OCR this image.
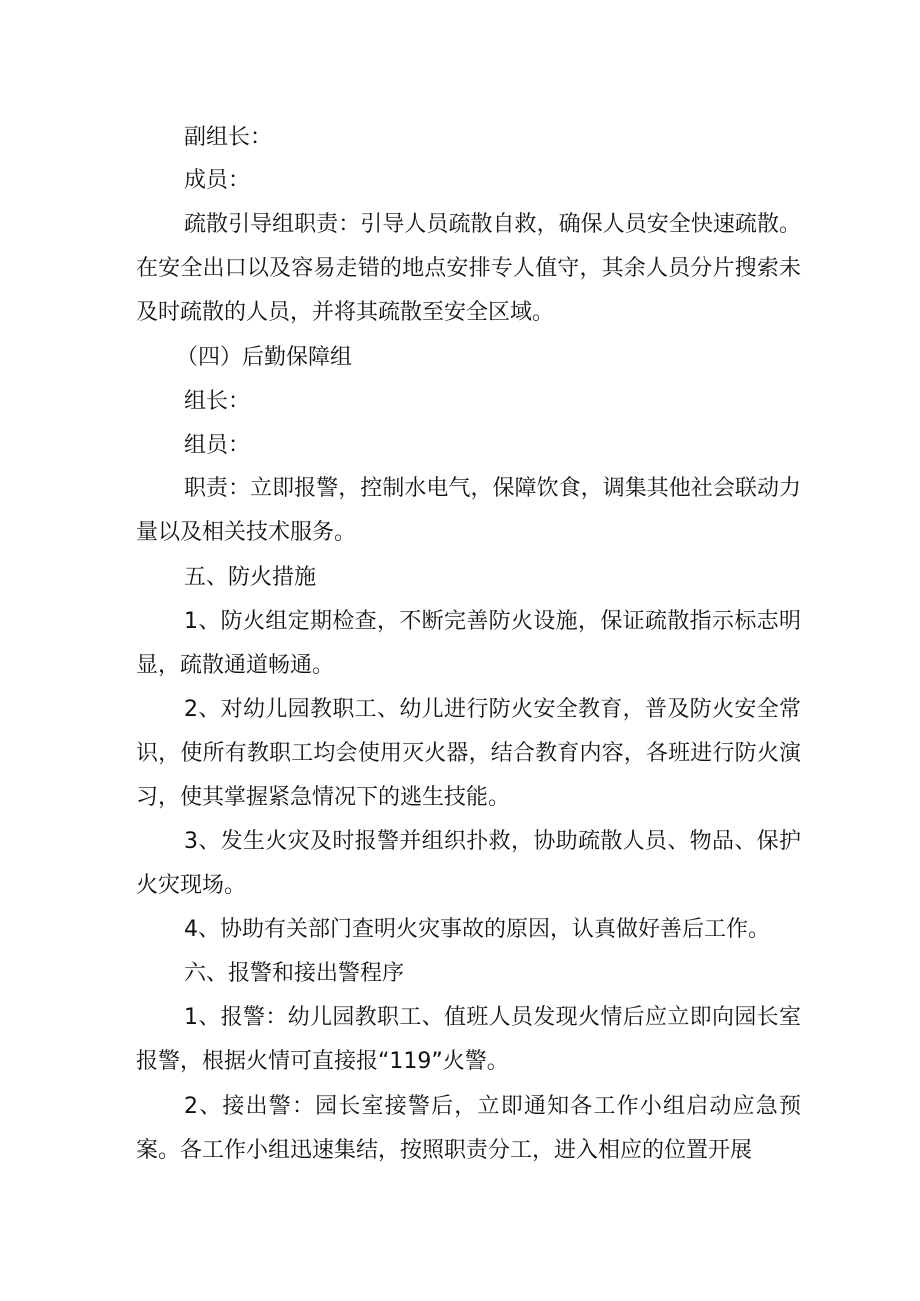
副组长：

成员：

疏散引导组职责：引导人员疏散自救，确保人员安全快速疏散。在安全出口以及容易走错的地点安排专人值守，其余人员分片搜索未及时疏散的人员，并将其疏散至安全区域。

（四）后勤保障组

组长：

组员：

职责：立即报警，控制水电气，保障饮食，调集其他社会联动力量以及相关技术服务。

五、防火措施

1、防火组定期检查，不断完善防火设施，保证疏散指示标志明显，疏散通道畅通。

2、对幼儿园教职工、幼儿进行防火安全教育，普及防火安全常识，使所有教职工均会使用灭火器，结合教育内容，各班进行防火演习，使其掌握紧急情况下的逃生技能。

3、发生火灾及时报警并组织扑救，协助疏散人员、物品、保护火灾现场。

4、协助有关部门查明火灾事故的原因，认真做好善后工作。

六、报警和接出警程序

1、报警：幼儿园教职工、值班人员发现火情后应立即向园长室报警，根据火情可直接报“119”火警。

2、接出警：园长室接警后，立即通知各工作小组启动应急预案。各工作小组迅速集结，按照职责分工，进入相应的位置开展
